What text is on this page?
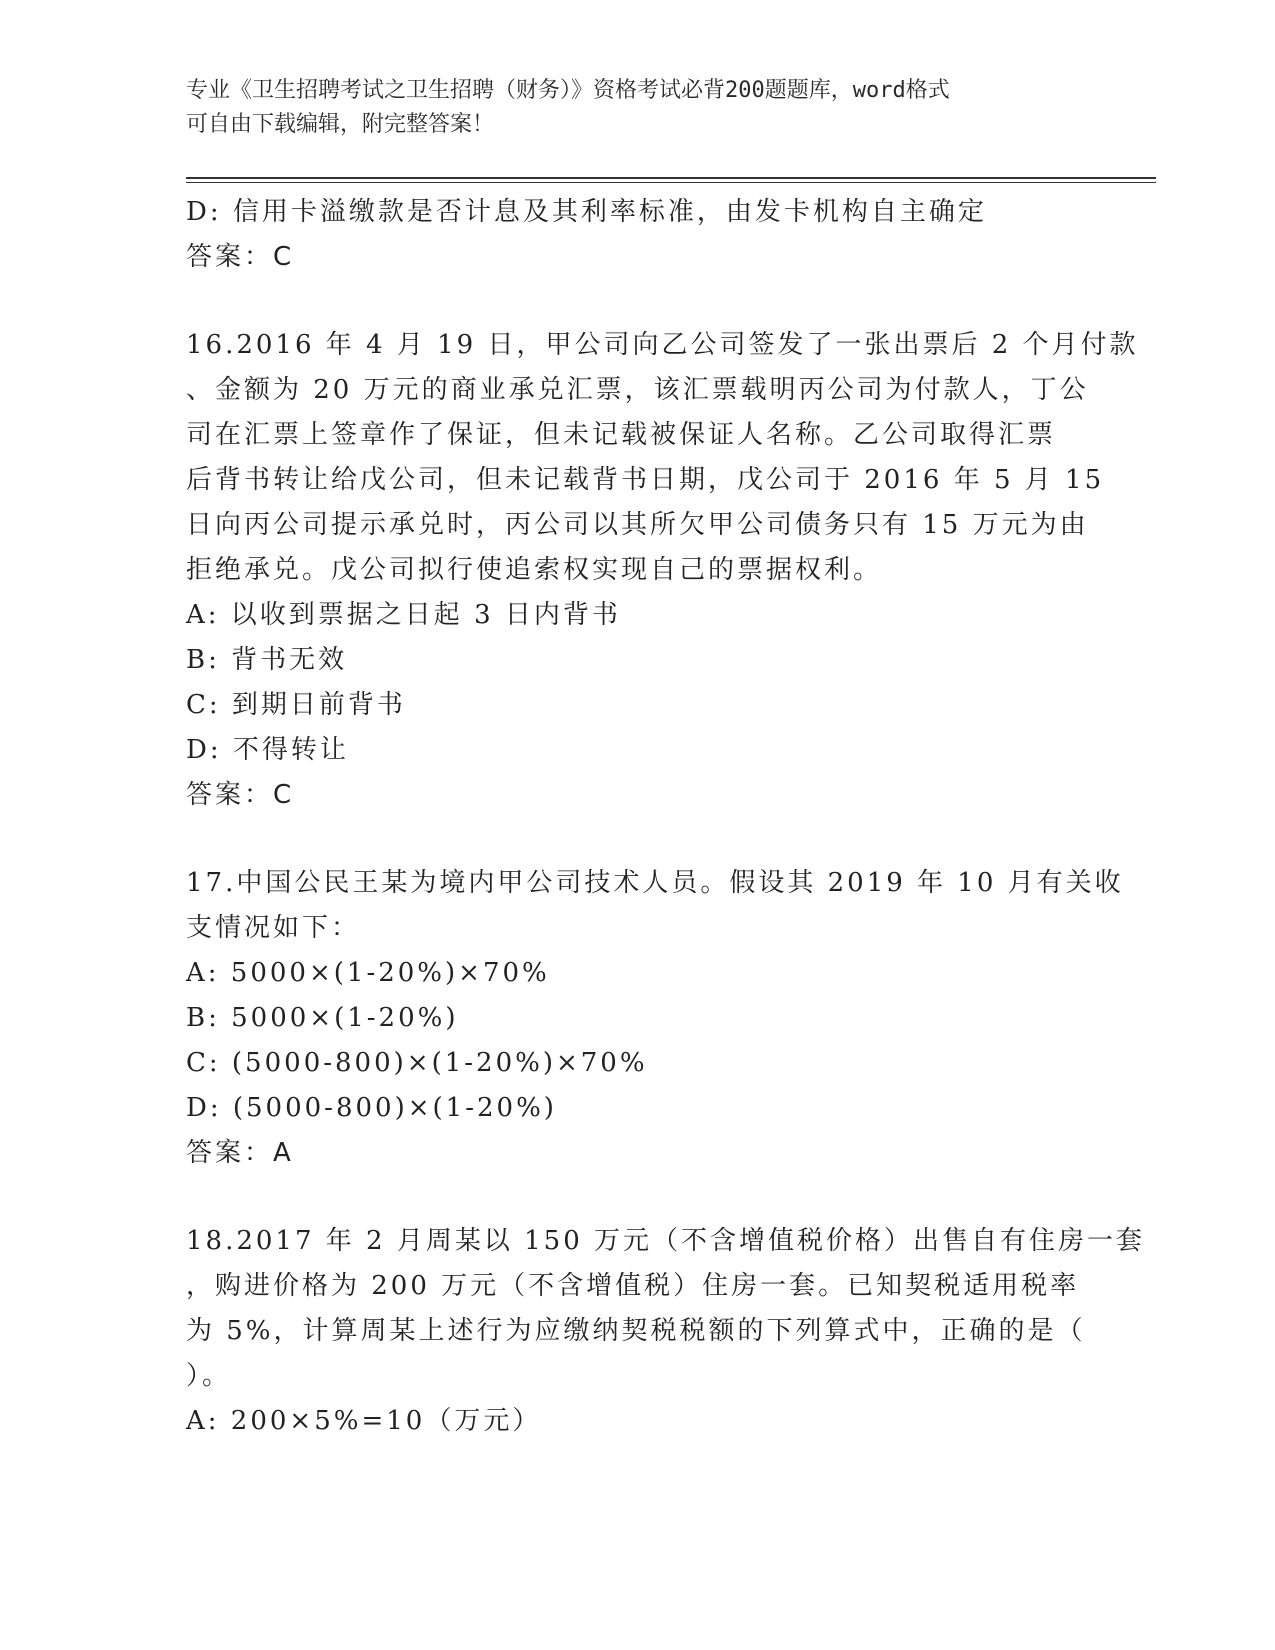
专业《卫生招聘考试之卫生招聘（财务）》资格考试必背200题题库，word格式
可自由下载编辑，附完整答案！
D: 信用卡溢缴款是否计息及其利率标准，由发卡机构自主确定
答案：C
16.2016 年 4 月 19 日，甲公司向乙公司签发了一张出票后 2 个月付款
、金额为 20 万元的商业承兑汇票，该汇票载明丙公司为付款人，丁公
司在汇票上签章作了保证，但未记载被保证人名称。乙公司取得汇票
后背书转让给戊公司，但未记载背书日期，戊公司于 2016 年 5 月 15
日向丙公司提示承兑时，丙公司以其所欠甲公司债务只有 15 万元为由
拒绝承兑。戊公司拟行使追索权实现自己的票据权利。
A: 以收到票据之日起 3 日内背书
B: 背书无效
C: 到期日前背书
D: 不得转让
答案：C
17.中国公民王某为境内甲公司技术人员。假设其 2019 年 10 月有关收
支情况如下：
A: 5000×(1-20%)×70%
B: 5000×(1-20%)
C: (5000-800)×(1-20%)×70%
D: (5000-800)×(1-20%)
答案：A
18.2017 年 2 月周某以 150 万元（不含增值税价格）出售自有住房一套
，购进价格为 200 万元（不含增值税）住房一套。已知契税适用税率
为 5%，计算周某上述行为应缴纳契税税额的下列算式中，正确的是（
）。
A: 200×5%=10（万元）
